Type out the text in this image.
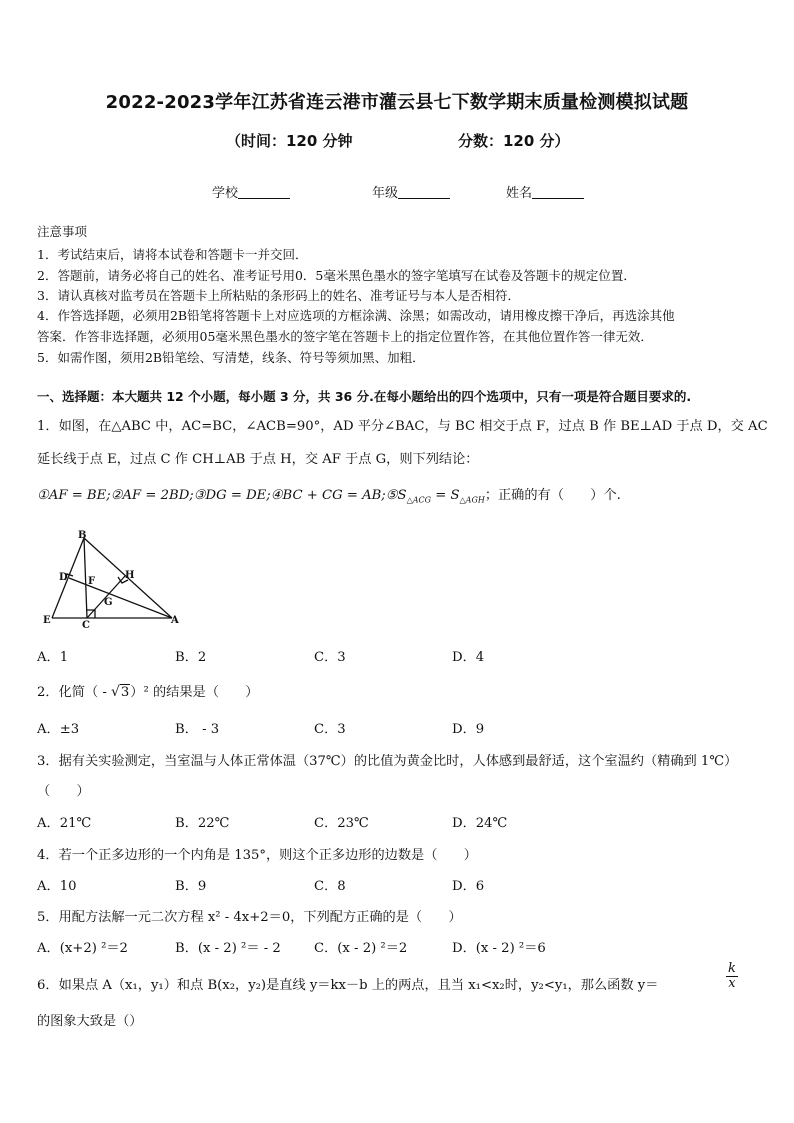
2022-2023学年江苏省连云港市灌云县七下数学期末质量检测模拟试题
（时间：120 分钟	分数：120 分）
学校	年级	姓名
注意事项
1．考试结束后，请将本试卷和答题卡一并交回．
2．答题前，请务必将自己的姓名、准考证号用0．5毫米黑色墨水的签字笔填写在试卷及答题卡的规定位置．
3．请认真核对监考员在答题卡上所粘贴的条形码上的姓名、准考证号与本人是否相符．
4．作答选择题，必须用2B铅笔将答题卡上对应选项的方框涂满、涂黑；如需改动，请用橡皮擦干净后，再选涂其他
答案．作答非选择题，必须用05毫米黑色墨水的签字笔在答题卡上的指定位置作答，在其他位置作答一律无效．
5．如需作图，须用2B铅笔绘、写清楚，线条、符号等须加黑、加粗．
一、选择题：本大题共 12 个小题，每小题 3 分，共 36 分.在每小题给出的四个选项中，只有一项是符合题目要求的.
1．如图，在△ABC 中，AC=BC，∠ACB=90°，AD 平分∠BAC，与 BC 相交于点 F，过点 B 作 BE⊥AD 于点 D，交 AC
延长线于点 E，过点 C 作 CH⊥AB 于点 H，交 AF 于点 G，则下列结论：
①AF = BE;②AF = 2BD;③DG = DE;④BC + CG = $AB;⑤S_{\triangle ACG} = S_{\triangle AGH}$；正确的有（　　）个.
B
D F
H
G
E	C	A
A．1	B．2	C．3	D．4
2．化简（ - √3）² 的结果是（　　）
A．±3	B． - 3	C．3	D．9
3．据有关实验测定，当室温与人体正常体温（37℃）的比值为黄金比时，人体感到最舒适，这个室温约（精确到 1℃）
（　　）
A．21℃	B．22℃	C．23℃	D．24℃
4．若一个正多边形的一个内角是 135°，则这个正多边形的边数是（　　）
A．10	B．9	C．8	D．6
5．用配方法解一元二次方程 x² - 4x+2＝0，下列配方正确的是（　　）
A．(x+2) ²＝2	B．(x - 2) ²＝ - 2	C．(x - 2) ²＝2	D．(x - 2) ²＝6
6．如果点 A（x₁，y₁）和点 B(x₂，y₂)是直线 y＝kx－b 上的两点，且当 x₁<x₂时，y₂<y₁，那么函数 y＝	$\frac{k}{x}$
的图象大致是（）
